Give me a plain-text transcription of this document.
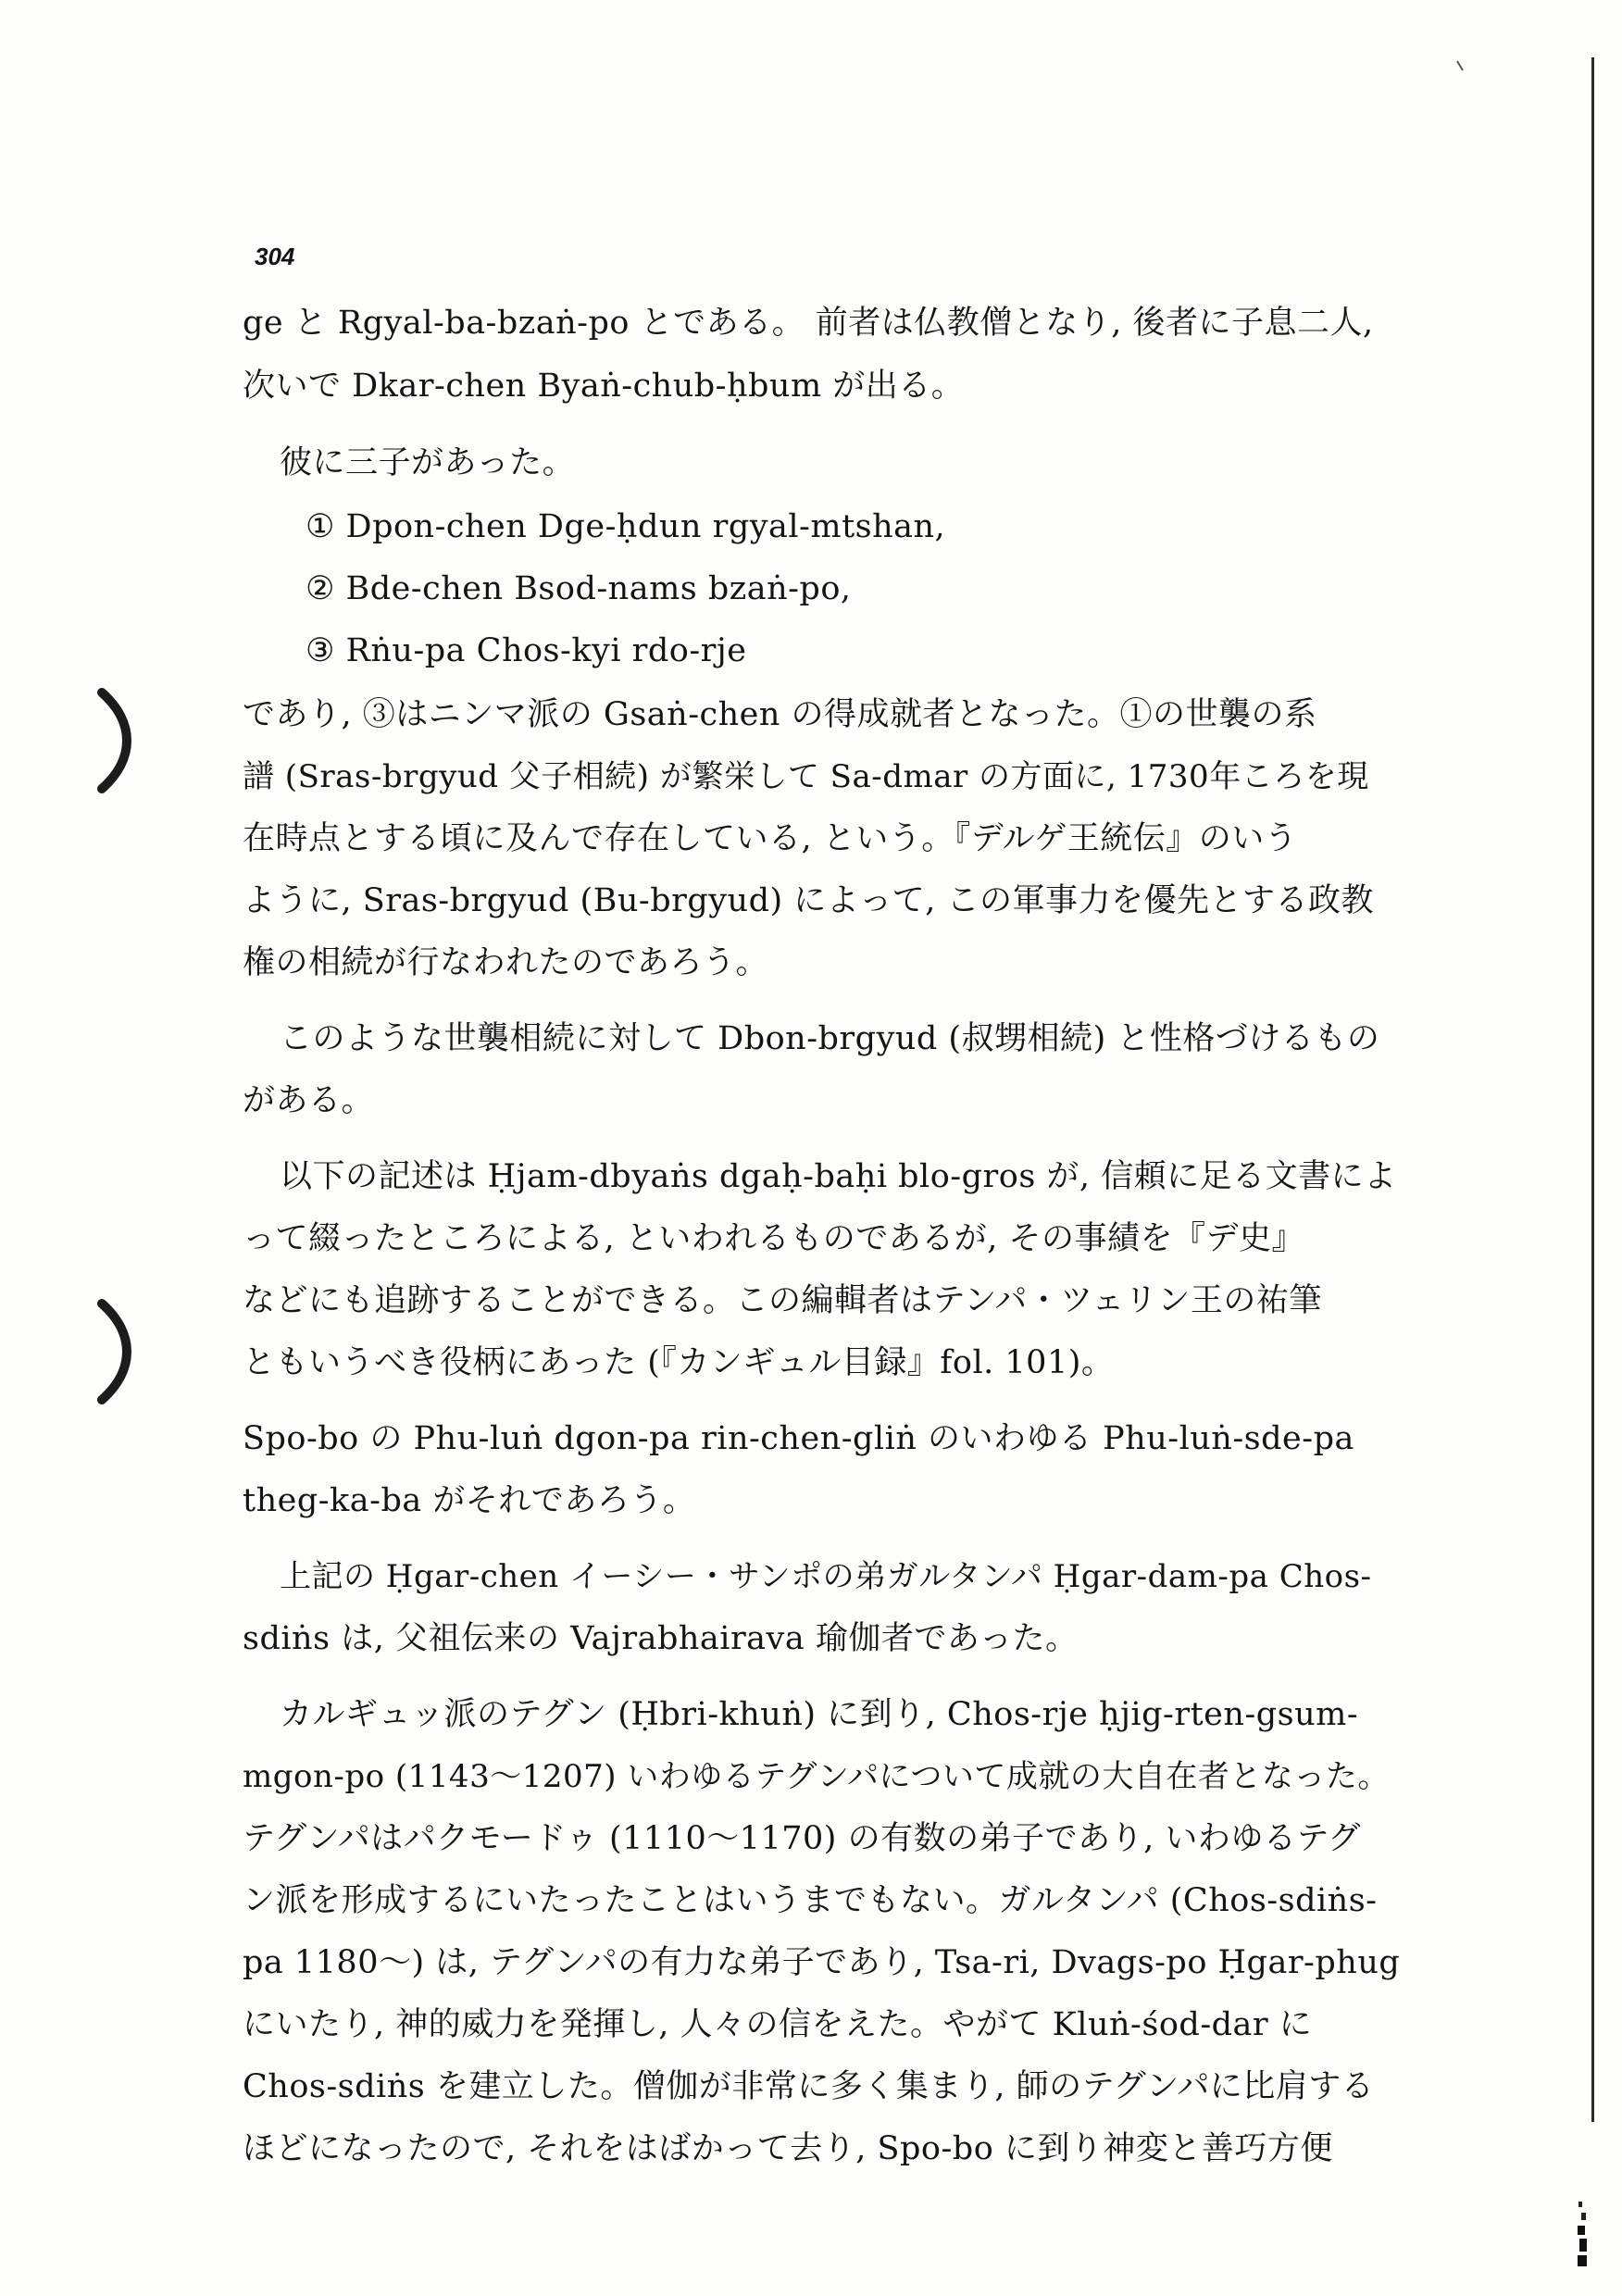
304
ge と Rgyal-ba-bzaṅ-po とである。 前者は仏教僧となり, 後者に子息二人,
次いで Dkar-chen Byaṅ-chub-ḥbum が出る。
彼に三子があった。
① Dpon-chen Dge-ḥdun rgyal-mtshan,
② Bde-chen Bsod-nams bzaṅ-po,
③ Rṅu-pa Chos-kyi rdo-rje
であり, ③はニンマ派の Gsaṅ-chen の得成就者となった。①の世襲の系
譜 (Sras-brgyud 父子相続) が繁栄して Sa-dmar の方面に, 1730年ころを現
在時点とする頃に及んで存在している, という。『デルゲ王統伝』のいう
ように, Sras-brgyud (Bu-brgyud) によって, この軍事力を優先とする政教
権の相続が行なわれたのであろう。
このような世襲相続に対して Dbon-brgyud (叔甥相続) と性格づけるもの
がある。
以下の記述は Ḥjam-dbyaṅs dgaḥ-baḥi blo-gros が, 信頼に足る文書によ
って綴ったところによる, といわれるものであるが, その事績を『デ史』
などにも追跡することができる。この編輯者はテンパ・ツェリン王の祐筆
ともいうべき役柄にあった (『カンギュル目録』fol. 101)。
Spo-bo の Phu-luṅ dgon-pa rin-chen-gliṅ のいわゆる Phu-luṅ-sde-pa
theg-ka-ba がそれであろう。
上記の Ḥgar-chen イーシー・サンポの弟ガルタンパ Ḥgar-dam-pa Chos-
sdiṅs は, 父祖伝来の Vajrabhairava 瑜伽者であった。
カルギュッ派のテグン (Ḥbri-khuṅ) に到り, Chos-rje ḥjig-rten-gsum-
mgon-po (1143〜1207) いわゆるテグンパについて成就の大自在者となった。
テグンパはパクモードゥ (1110〜1170) の有数の弟子であり, いわゆるテグ
ン派を形成するにいたったことはいうまでもない。ガルタンパ (Chos-sdiṅs-
pa 1180〜) は, テグンパの有力な弟子であり, Tsa-ri, Dvags-po Ḥgar-phug
にいたり, 神的威力を発揮し, 人々の信をえた。やがて Kluṅ-śod-dar に
Chos-sdiṅs を建立した。僧伽が非常に多く集まり, 師のテグンパに比肩する
ほどになったので, それをはばかって去り, Spo-bo に到り神変と善巧方便
